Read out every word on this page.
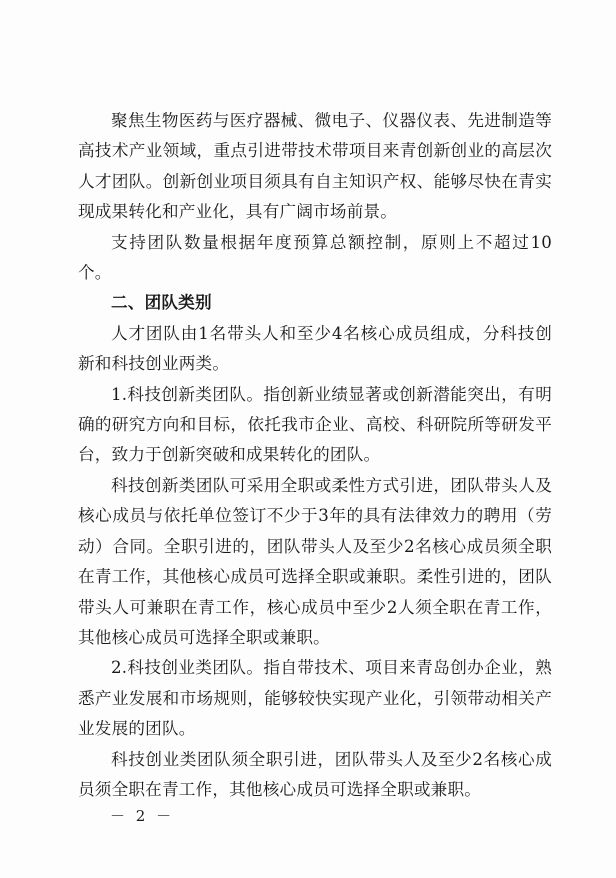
聚焦生物医药与医疗器械、微电子、仪器仪表、先进制造等高技术产业领域，重点引进带技术带项目来青创新创业的高层次人才团队。创新创业项目须具有自主知识产权、能够尽快在青实现成果转化和产业化，具有广阔市场前景。

支持团队数量根据年度预算总额控制，原则上不超过10个。

二、团队类别

人才团队由1名带头人和至少4名核心成员组成，分科技创新和科技创业两类。

1.科技创新类团队。指创新业绩显著或创新潜能突出，有明确的研究方向和目标，依托我市企业、高校、科研院所等研发平台，致力于创新突破和成果转化的团队。

科技创新类团队可采用全职或柔性方式引进，团队带头人及核心成员与依托单位签订不少于3年的具有法律效力的聘用（劳动）合同。全职引进的，团队带头人及至少2名核心成员须全职在青工作，其他核心成员可选择全职或兼职。柔性引进的，团队带头人可兼职在青工作，核心成员中至少2人须全职在青工作，其他核心成员可选择全职或兼职。

2.科技创业类团队。指自带技术、项目来青岛创办企业，熟悉产业发展和市场规则，能够较快实现产业化，引领带动相关产业发展的团队。

科技创业类团队须全职引进，团队带头人及至少2名核心成员须全职在青工作，其他核心成员可选择全职或兼职。

－ 2 －
